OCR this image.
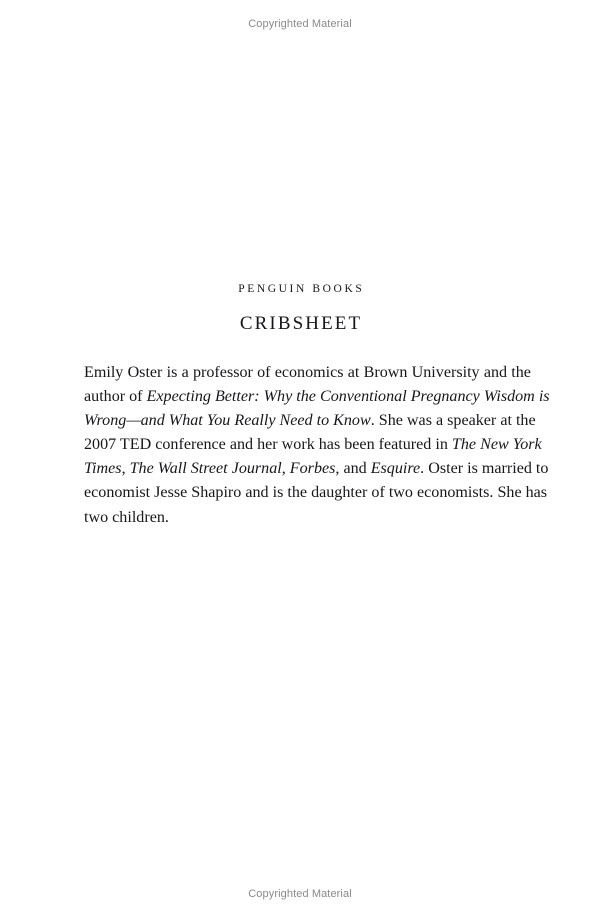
Copyrighted Material
PENGUIN BOOKS
CRIBSHEET
Emily Oster is a professor of economics at Brown University and the
author of Expecting Better: Why the Conventional Pregnancy Wisdom is
Wrong—and What You Really Need to Know. She was a speaker at the
2007 TED conference and her work has been featured in The New York
Times, The Wall Street Journal, Forbes, and Esquire. Oster is married to
economist Jesse Shapiro and is the daughter of two economists. She has
two children.
Copyrighted Material
